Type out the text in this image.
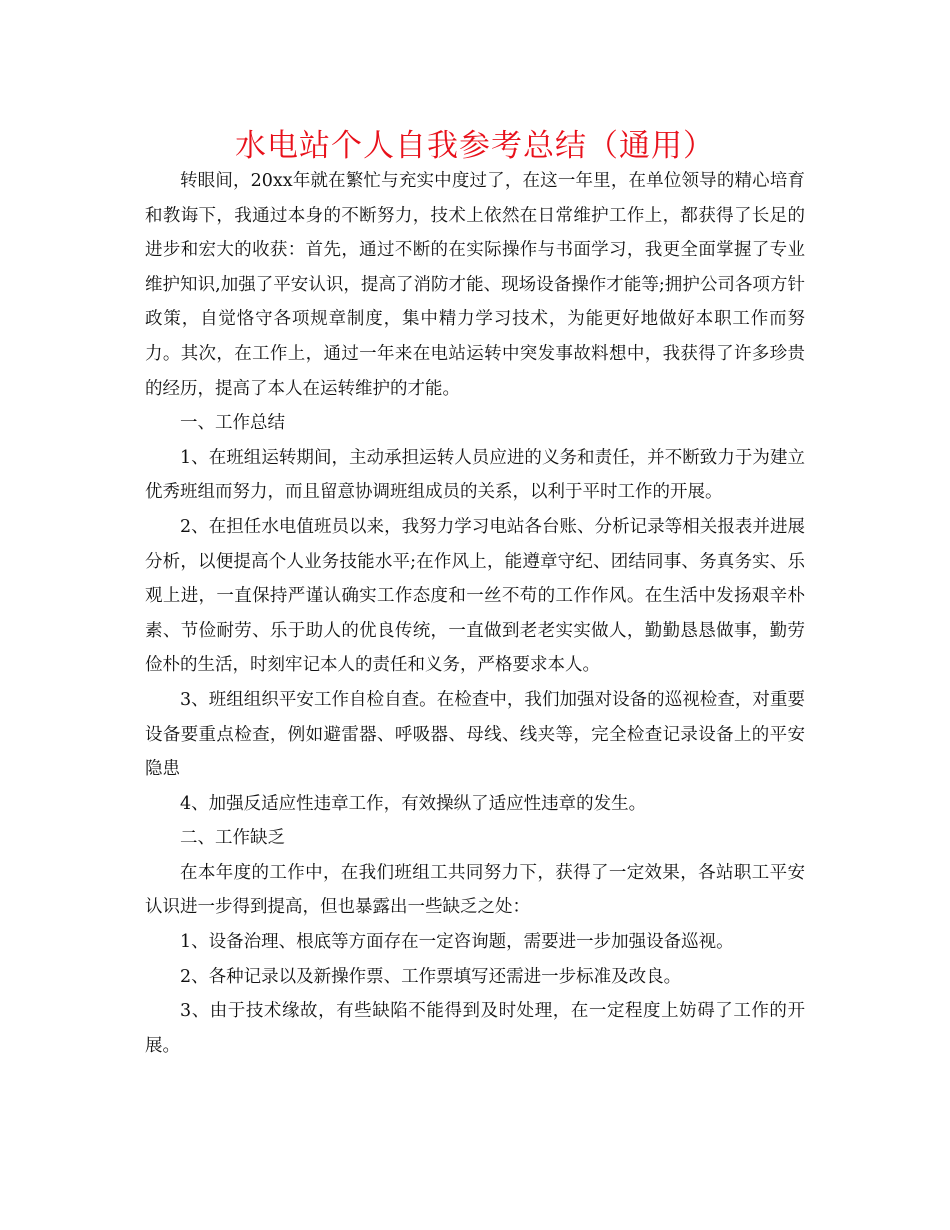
水电站个人自我参考总结（通用）

转眼间，20xx年就在繁忙与充实中度过了，在这一年里，在单位领导的精心培育和教诲下，我通过本身的不断努力，技术上依然在日常维护工作上，都获得了长足的进步和宏大的收获：首先，通过不断的在实际操作与书面学习，我更全面掌握了专业维护知识,加强了平安认识，提高了消防才能、现场设备操作才能等;拥护公司各项方针政策，自觉恪守各项规章制度，集中精力学习技术，为能更好地做好本职工作而努力。其次，在工作上，通过一年来在电站运转中突发事故料想中，我获得了许多珍贵的经历，提高了本人在运转维护的才能。

一、工作总结

1、在班组运转期间，主动承担运转人员应进的义务和责任，并不断致力于为建立优秀班组而努力，而且留意协调班组成员的关系，以利于平时工作的开展。

2、在担任水电值班员以来，我努力学习电站各台账、分析记录等相关报表并进展分析，以便提高个人业务技能水平;在作风上，能遵章守纪、团结同事、务真务实、乐观上进，一直保持严谨认确实工作态度和一丝不苟的工作作风。在生活中发扬艰辛朴素、节俭耐劳、乐于助人的优良传统，一直做到老老实实做人，勤勤恳恳做事，勤劳俭朴的生活，时刻牢记本人的责任和义务，严格要求本人。

3、班组组织平安工作自检自查。在检查中，我们加强对设备的巡视检查，对重要设备要重点检查，例如避雷器、呼吸器、母线、线夹等，完全检查记录设备上的平安隐患

4、加强反适应性违章工作，有效操纵了适应性违章的发生。

二、工作缺乏

在本年度的工作中，在我们班组工共同努力下，获得了一定效果，各站职工平安认识进一步得到提高，但也暴露出一些缺乏之处：

1、设备治理、根底等方面存在一定咨询题，需要进一步加强设备巡视。

2、各种记录以及新操作票、工作票填写还需进一步标准及改良。

3、由于技术缘故，有些缺陷不能得到及时处理，在一定程度上妨碍了工作的开展。
